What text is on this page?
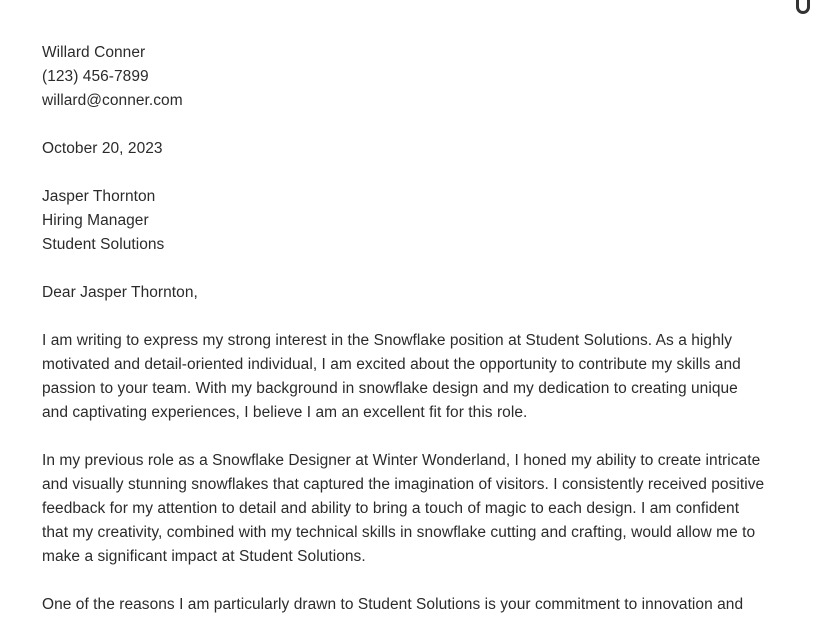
Willard Conner
(123) 456-7899
willard@conner.com
October 20, 2023
Jasper Thornton
Hiring Manager
Student Solutions
Dear Jasper Thornton,
I am writing to express my strong interest in the Snowflake position at Student Solutions. As a highly
motivated and detail-oriented individual, I am excited about the opportunity to contribute my skills and
passion to your team. With my background in snowflake design and my dedication to creating unique
and captivating experiences, I believe I am an excellent fit for this role.
In my previous role as a Snowflake Designer at Winter Wonderland, I honed my ability to create intricate
and visually stunning snowflakes that captured the imagination of visitors. I consistently received positive
feedback for my attention to detail and ability to bring a touch of magic to each design. I am confident
that my creativity, combined with my technical skills in snowflake cutting and crafting, would allow me to
make a significant impact at Student Solutions.
One of the reasons I am particularly drawn to Student Solutions is your commitment to innovation and
